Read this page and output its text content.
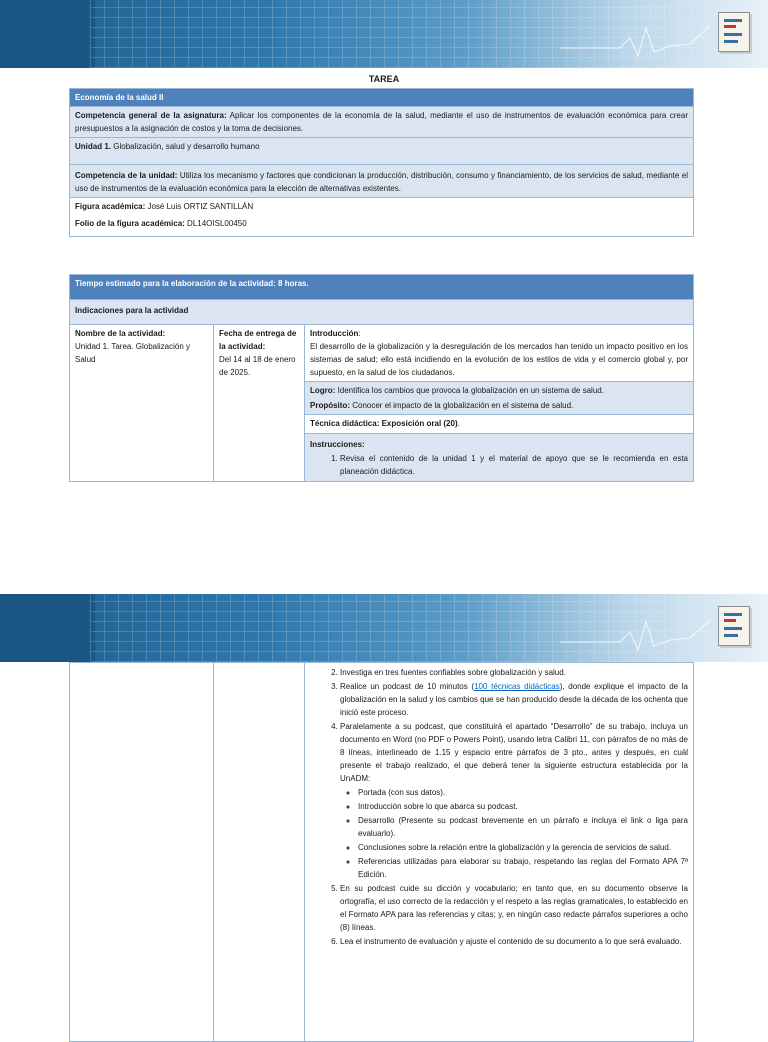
TAREA
Economía de la salud II
Competencia general de la asignatura: Aplicar los componentes de la economía de la salud, mediante el uso de instrumentos de evaluación económica para crear presupuestos a la asignación de costos y la toma de decisiones.
Unidad 1. Globalización, salud y desarrollo humano
Competencia de la unidad: Utiliza los mecanismo y factores que condicionan la producción, distribución, consumo y financiamiento, de los servicios de salud, mediante el uso de instrumentos de la evaluación económica para la elección de alternativas existentes.

Figura académica: José Luis ORTIZ SANTILLÁN
Folio de la figura académica: DL14OISL00450
Tiempo estimado para la elaboración de la actividad: 8 horas.
Indicaciones para la actividad

Nombre de la actividad:
Unidad 1. Tarea. Globalización y Salud

Fecha de entrega de la actividad:
Del 14 al 18 de enero de 2025.

Introducción:
El desarrollo de la globalización y la desregulación de los mercados han tenido un impacto positivo en los sistemas de salud; ello está incidiendo en la evolución de los estilos de vida y el comercio global y, por supuesto, en la salud de los ciudadanos.

Logro: Identifica los cambios que provoca la globalización en un sistema de salud.
Propósito: Conocer el impacto de la globalización en el sistema de salud.

Técnica didáctica: Exposición oral (20).

Instrucciones:
1. Revisa el contenido de la unidad 1 y el material de apoyo que se le recomienda en esta planeación didáctica.

2. Investiga en tres fuentes confiables sobre globalización y salud.
3. Realice un podcast de 10 minutos (100 técnicas didácticas), donde explique el impacto de la globalización en la salud y los cambios que se han producido desde la década de los ochenta que inició este proceso.
4. Paralelamente a su podcast, que constituirá el apartado “Desarrollo” de su trabajo, incluya un documento en Word (no PDF o Powers Point), usando letra Calibri 11, con párrafos de no más de 8 líneas, interlineado de 1.15 y espacio entre párrafos de 3 pto., antes y después, en cuál presente el trabajo realizado, el que deberá tener la siguiente estructura establecida por la UnADM:
◦ Portada (con sus datos).
◦ Introducción sobre lo que abarca su podcast.
◦ Desarrollo (Presente su podcast brevemente en un párrafo e incluya el link o liga para evaluarlo).
◦ Conclusiones sobre la relación entre la globalización y la gerencia de servicios de salud.
◦ Referencias utilizadas para elaborar su trabajo, respetando las reglas del Formato APA 7ª Edición.
5. En su podcast cuide su dicción y vocabulario; en tanto que, en su documento observe la ortografía, el uso correcto de la redacción y el respeto a las reglas gramaticales, lo establecido en el Formato APA para las referencias y citas; y, en ningún caso redacte párrafos superiores a ocho (8) líneas.
6. Lea el instrumento de evaluación y ajuste el contenido de su documento a lo que será evaluado.
